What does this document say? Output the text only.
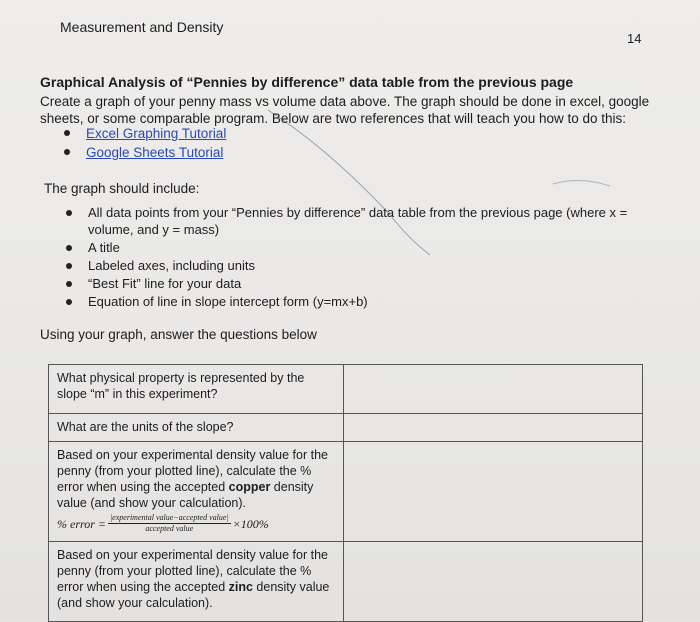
Measurement and Density
14
Graphical Analysis of “Pennies by difference” data table from the previous page
Create a graph of your penny mass vs volume data above. The graph should be done in excel, google sheets, or some comparable program. Below are two references that will teach you how to do this:
Excel Graphing Tutorial
Google Sheets Tutorial
The graph should include:
All data points from your “Pennies by difference” data table from the previous page (where x = volume, and y = mass)
A title
Labeled axes, including units
“Best Fit” line for your data
Equation of line in slope intercept form (y=mx+b)
Using your graph, answer the questions below
What physical property is represented by the slope “m” in this experiment?	
What are the units of the slope?	
Based on your experimental density value for the penny (from your plotted line), calculate the % error when using the accepted copper density value (and show your calculation).
% error = $\frac{\text{|experimental value−accepted value|}}{\text{accepted value}} \times 100\%$	

Based on your experimental density value for the penny (from your plotted line), calculate the % error when using the accepted zinc density value (and show your calculation).	
